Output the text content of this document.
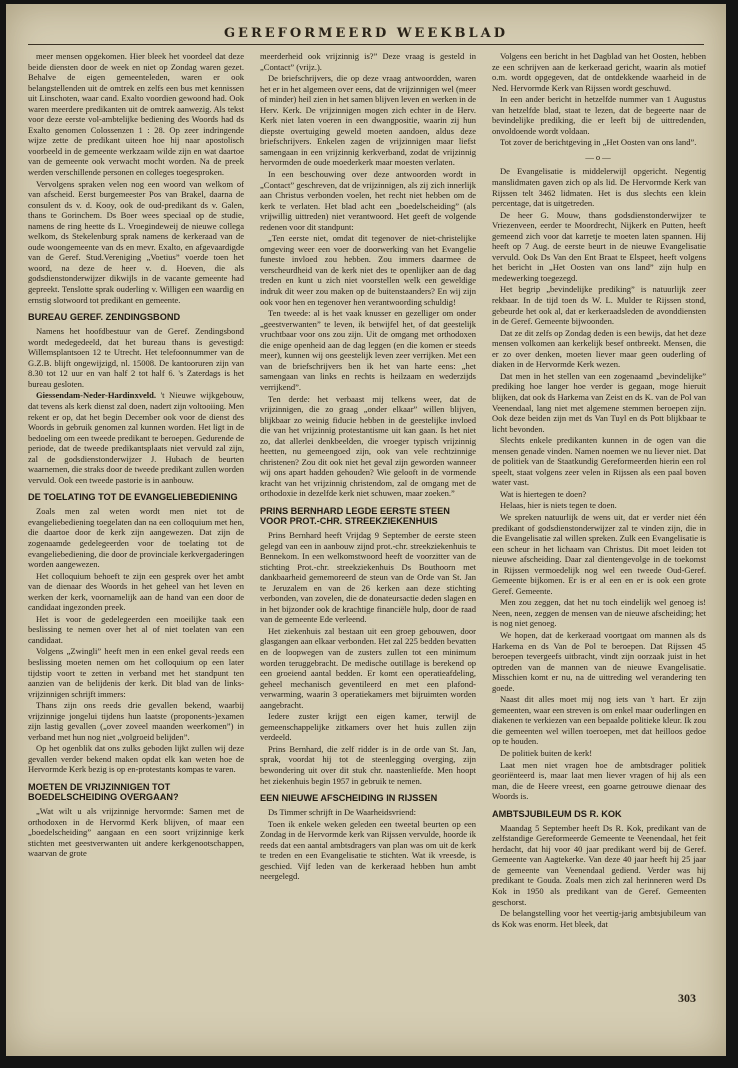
GEREFORMEERD WEEKBLAD

meer mensen opgekomen. Hier bleek het voordeel dat deze beide diensten door de week en niet op Zondag waren gezet. Behalve de eigen gemeenteleden, waren er ook belangstellenden uit de omtrek en zelfs een bus met kennissen uit Linschoten, waar cand. Exalto voordien gewoond had. Ook waren meerdere predikanten uit de omtrek aanwezig. Als tekst voor deze eerste vol-ambtelijke bediening des Woords had ds Exalto genomen Colossenzen 1 : 28. Op zeer indringende wijze zette de predikant uiteen hoe hij naar apostolisch voorbeeld in de gemeente werkzaam wilde zijn en wat daartoe van de gemeente ook verwacht mocht worden. Na de preek werden verschillende personen en colleges toegesproken.

Vervolgens spraken velen nog een woord van welkom of van afscheid. Eerst burgemeester Pos van Brakel, daarna de consulent ds v. d. Kooy, ook de oud-predikant ds v. Galen, thans te Gorinchem. Ds Boer wees speciaal op de studie, namens de ring heette ds L. Vroegindeweij de nieuwe collega welkom, ds Stekelenburg sprak namens de kerkeraad van de oude woongemeente van ds en mevr. Exalto, en afgevaardigde van de Geref. Stud.Vereniging „Voetius” voerde toen het woord, na deze de heer v. d. Hoeven, die als godsdienstonderwijzer dikwijls in de vacante gemeente had gepreekt. Tenslotte sprak ouderling v. Willigen een waardig en ernstig slotwoord tot predikant en gemeente.

BUREAU GEREF. ZENDINGSBOND

Namens het hoofdbestuur van de Geref. Zendingsbond wordt medegedeeld, dat het bureau thans is gevestigd: Willemsplantsoen 12 te Utrecht. Het telefoonnummer van de G.Z.B. blijft ongewijzigd, nl. 15008. De kantooruren zijn van 8.30 tot 12 uur en van half 2 tot half 6. 's Zaterdags is het bureau gesloten.

Giessendam-Neder-Hardinxveld. 't Nieuwe wijkgebouw, dat tevens als kerk dienst zal doen, nadert zijn voltooiing. Men rekent er op, dat het begin December ook voor de dienst des Woords in gebruik genomen zal kunnen worden. Het ligt in de bedoeling om een tweede predikant te beroepen. Gedurende de periode, dat de tweede predikantsplaats niet vervuld zal zijn, zal de godsdienstonderwijzer J. Hubach de beurten waarnemen, die straks door de tweede predikant zullen worden vervuld. Ook een tweede pastorie is in aanbouw.

DE TOELATING TOT DE EVANGELIEBEDIENING

Zoals men zal weten wordt men niet tot de evangeliebediening toegelaten dan na een colloquium met hen, die daartoe door de kerk zijn aangewezen. Dat zijn de zogenaamde gedelegeerden voor de toelating tot de evangeliebediening, die door de provinciale kerkvergaderingen worden aangewezen.

Het colloquium behoeft te zijn een gesprek over het ambt van de dienaar des Woords in het geheel van het leven en werken der kerk, voornamelijk aan de hand van een door de candidaat ingezonden preek.

Het is voor de gedelegeerden een moeilijke taak een beslissing te nemen over het al of niet toelaten van een candidaat.

Volgens „Zwingli” heeft men in een enkel geval reeds een beslissing moeten nemen om het colloquium op een later tijdstip voort te zetten in verband met het standpunt ten aanzien van de belijdenis der kerk. Dit blad van de links-vrijzinnigen schrijft immers:

Thans zijn ons reeds drie gevallen bekend, waarbij vrijzinnige jongelui tijdens hun laatste (proponents-)examen zijn lastig gevallen („over zoveel maanden weerkomen”) in verband met hun nog niet „volgroeid belijden”.

Op het ogenblik dat ons zulks geboden lijkt zullen wij deze gevallen verder bekend maken opdat elk kan weten hoe de Hervormde Kerk bezig is op en-protestants kompas te varen.

MOETEN DE VRIJZINNIGEN TOT BOEDELSCHEIDING OVERGAAN?

„Wat wilt u als vrijzinnige hervormde: Samen met de orthodoxen in de Hervormd Kerk blijven, of maar een „boedelscheiding” aangaan en een soort vrijzinnige kerk stichten met geestverwanten uit andere kerkgenootschappen, waarvan de grote

meerderheid ook vrijzinnig is?” Deze vraag is gesteld in „Contact” (vrijz.).

De briefschrijvers, die op deze vraag antwoordden, waren het er in het algemeen over eens, dat de vrijzinnigen wel (meer of minder) heil zien in het samen blijven leven en werken in de Herv. Kerk. De vrijzinnigen mogen zich echter in de Herv. Kerk niet laten voeren in een dwangpositie, waarin zij hun diepste overtuiging geweld moeten aandoen, aldus deze briefschrijvers. Enkelen zagen de vrijzinnigen maar liefst samengaan in een vrijzinnig kerkverband, zodat de vrijzinnig hervormden de oude moederkerk maar moesten verlaten.

In een beschouwing over deze antwoorden wordt in „Contact” geschreven, dat de vrijzinnigen, als zij zich innerlijk aan Christus verbonden voelen, het recht niet hebben om de kerk te verlaten. Het blad acht een „boedelscheiding” (als vrijwillig uittreden) niet verantwoord. Het geeft de volgende redenen voor dit standpunt:

„Ten eerste niet, omdat dit tegenover de niet-christelijke omgeving weer een voer de doorwerking van het Evangelie funeste invloed zou hebben. Zou immers daarmee de verscheurdheid van de kerk niet des te openlijker aan de dag treden en kunt u zich niet voorstellen welk een geweldige indruk dit weer zou maken op de buitenstaanders? En wij zijn ook voor hen en tegenover hen verantwoording schuldig!

Ten tweede: al is het vaak knusser en gezelliger om onder „geestverwanten” te leven, ik betwijfel het, of dat geestelijk vruchtbaar voor ons zou zijn. Uit de omgang met orthodoxen die enige openheid aan de dag leggen (en die komen er steeds meer), kunnen wij ons geestelijk leven zeer verrijken. Met een van de briefschrijvers ben ik het van harte eens: „het samengaan van links en rechts is heilzaam en wederzijds verrijkend”.

Ten derde: het verbaast mij telkens weer, dat de vrijzinnigen, die zo graag „onder elkaar” willen blijven, blijkbaar zo weinig fiducie hebben in de geestelijke invloed die van het vrijzinnig protestantisme uit kan gaan. Is het niet zo, dat allerlei denkbeelden, die vroeger typisch vrijzinnig heetten, nu gemeengoed zijn, ook van vele rechtzinnige christenen? Zou dit ook niet het geval zijn geworden wanneer wij ons apart hadden gehouden? Wie gelooft in de vormende kracht van het vrijzinnig christendom, zal de omgang met de orthodoxie in dezelfde kerk niet schuwen, maar zoeken.”

PRINS BERNHARD LEGDE EERSTE STEEN VOOR PROT.-CHR. STREEKZIEKENHUIS

Prins Bernhard heeft Vrijdag 9 September de eerste steen gelegd van een in aanbouw zijnd prot.-chr. streekziekenhuis te Bennekom. In een welkomstwoord heeft de voorzitter van de stichting Prot.-chr. streekziekenhuis Ds Bouthoorn met dankbaarheid gememoreerd de steun van de Orde van St. Jan te Jeruzalem en van de 26 kerken aan deze stichting verbonden, van zovelen, die de donateursactie deden slagen en in het bijzonder ook de krachtige financiële hulp, door de raad van de gemeente Ede verleend.

Het ziekenhuis zal bestaan uit een groep gebouwen, door glasgangen aan elkaar verbonden. Het zal 225 bedden bevatten en de loopwegen van de zusters zullen tot een minimum worden teruggebracht. De medische outillage is berekend op een groeiend aantal bedden. Er komt een operatieafdeling, geheel mechanisch geventileerd en met een plafond-verwarming, waarin 3 operatiekamers met bijruimten worden aangebracht.

Iedere zuster krijgt een eigen kamer, terwijl de gemeenschappelijke zitkamers over het huis zullen zijn verdeeld.

Prins Bernhard, die zelf ridder is in de orde van St. Jan, sprak, voordat hij tot de steenlegging overging, zijn bewondering uit over dit stuk chr. naastenliefde. Men hoopt het ziekenhuis begin 1957 in gebruik te nemen.

EEN NIEUWE AFSCHEIDING IN RIJSSEN

Ds Timmer schrijft in De Waarheidsvriend:

Toen ik enkele weken geleden een tweetal beurten op een Zondag in de Hervormde kerk van Rijssen vervulde, hoorde ik reeds dat een aantal ambtsdragers van plan was om uit de kerk te treden en een Evangelisatie te stichten. Wat ik vreesde, is geschied. Vijf leden van de kerkeraad hebben hun ambt neergelegd.

Volgens een bericht in het Dagblad van het Oosten, hebben ze een schrijven aan de kerkeraad gericht, waarin als motief o.m. wordt opgegeven, dat de ontdekkende waarheid in de Ned. Hervormde Kerk van Rijssen wordt geschuwd.

In een ander bericht in hetzelfde nummer van 1 Augustus van hetzelfde blad, staat te lezen, dat de begeerte naar de bevindelijke prediking, die er leeft bij de uittredenden, onvoldoende wordt voldaan.

Tot zover de berichtgeving in „Het Oosten van ons land”.

—o—

De Evangelisatie is middelerwijl opgericht. Negentig manslidmaten gaven zich op als lid. De Hervormde Kerk van Rijssen telt 3462 lidmaten. Het is dus slechts een klein percentage, dat is uitgetreden.

De heer G. Mouw, thans godsdienstonderwijzer te Vriezenveen, eerder te Moordrecht, Nijkerk en Putten, heeft gemeend zich voor dat karretje te moeten laten spannen. Hij heeft op 7 Aug. de eerste beurt in de nieuwe Evangelisatie vervuld. Ook Ds Van den Ent Braat te Elspeet, heeft volgens het bericht in „Het Oosten van ons land” zijn hulp en medewerking toegezegd.

Het begrip „bevindelijke prediking” is natuurlijk zeer rekbaar. In de tijd toen ds W. L. Mulder te Rijssen stond, gebeurde het ook al, dat er kerkeraadsleden de avonddiensten in de Geref. Gemeente bijwoonden.

Dat ze dit zelfs op Zondag deden is een bewijs, dat het deze mensen volkomen aan kerkelijk besef ontbreekt. Mensen, die er zo over denken, moeten liever maar geen ouderling of diaken in de Hervormde Kerk wezen.

Dat men in het stellen van een zogenaamd „bevindelijke” prediking hoe langer hoe verder is gegaan, moge hieruit blijken, dat ook ds Harkema van Zeist en ds K. van de Pol van Veenendaal, lang niet met algemene stemmen beroepen zijn. Ook deze beiden zijn met ds Van Tuyl en ds Pott blijkbaar te licht bevonden.

Slechts enkele predikanten kunnen in de ogen van die mensen genade vinden. Namen noemen we nu liever niet. Dat de politiek van de Staatkundig Gereformeerden hierin een rol speelt, staat volgens zeer velen in Rijssen als een paal boven water vast.

Wat is hiertegen te doen?

Helaas, hier is niets tegen te doen.

We spreken natuurlijk de wens uit, dat er verder niet één predikant of godsdienstonderwijzer zal te vinden zijn, die in die Evangelisatie zal willen spreken. Zulk een Evangelisatie is een scheur in het lichaam van Christus. Dit moet leiden tot nieuwe afscheiding. Daar zal dientengevolge in de toekomst in Rijssen vermoedelijk nog wel een tweede Oud-Geref. Gemeente bijkomen. Er is er al een en er is ook een grote Geref. Gemeente.

Men zou zeggen, dat het nu toch eindelijk wel genoeg is! Neen, neen, zeggen de mensen van de nieuwe afscheiding; het is nog niet genoeg.

We hopen, dat de kerkeraad voortgaat om mannen als ds Harkema en ds Van de Pol te beroepen. Dat Rijssen 45 beroepen tevergeefs uitbracht, vindt zijn oorzaak juist in het optreden van de mannen van de nieuwe Evangelisatie. Misschien komt er nu, na de uittreding wel verandering ten goede.

Naast dit alles moet mij nog iets van 't hart. Er zijn gemeenten, waar een streven is om enkel maar ouderlingen en diakenen te verkiezen van een bepaalde politieke kleur. Ik zou die gemeenten wel willen toeroepen, met dat heilloos gedoe op te houden.

De politiek buiten de kerk!

Laat men niet vragen hoe de ambtsdrager politiek georiënteerd is, maar laat men liever vragen of hij als een man, die de Heere vreest, een goarne getrouwe dienaar des Woords is.

AMBTSJUBILEUM DS R. KOK

Maandag 5 September heeft Ds R. Kok, predikant van de zelfstandige Gereformeerde Gemeente te Veenendaal, het feit herdacht, dat hij voor 40 jaar predikant werd bij de Geref. Gemeente van Aagtekerke. Van deze 40 jaar heeft hij 25 jaar de gemeente van Veenendaal gediend. Verder was hij predikant te Gouda. Zoals men zich zal herinneren werd Ds Kok in 1950 als predikant van de Geref. Gemeenten geschorst.

De belangstelling voor het veertig-jarig ambtsjubileum van ds Kok was enorm. Het bleek, dat

303
